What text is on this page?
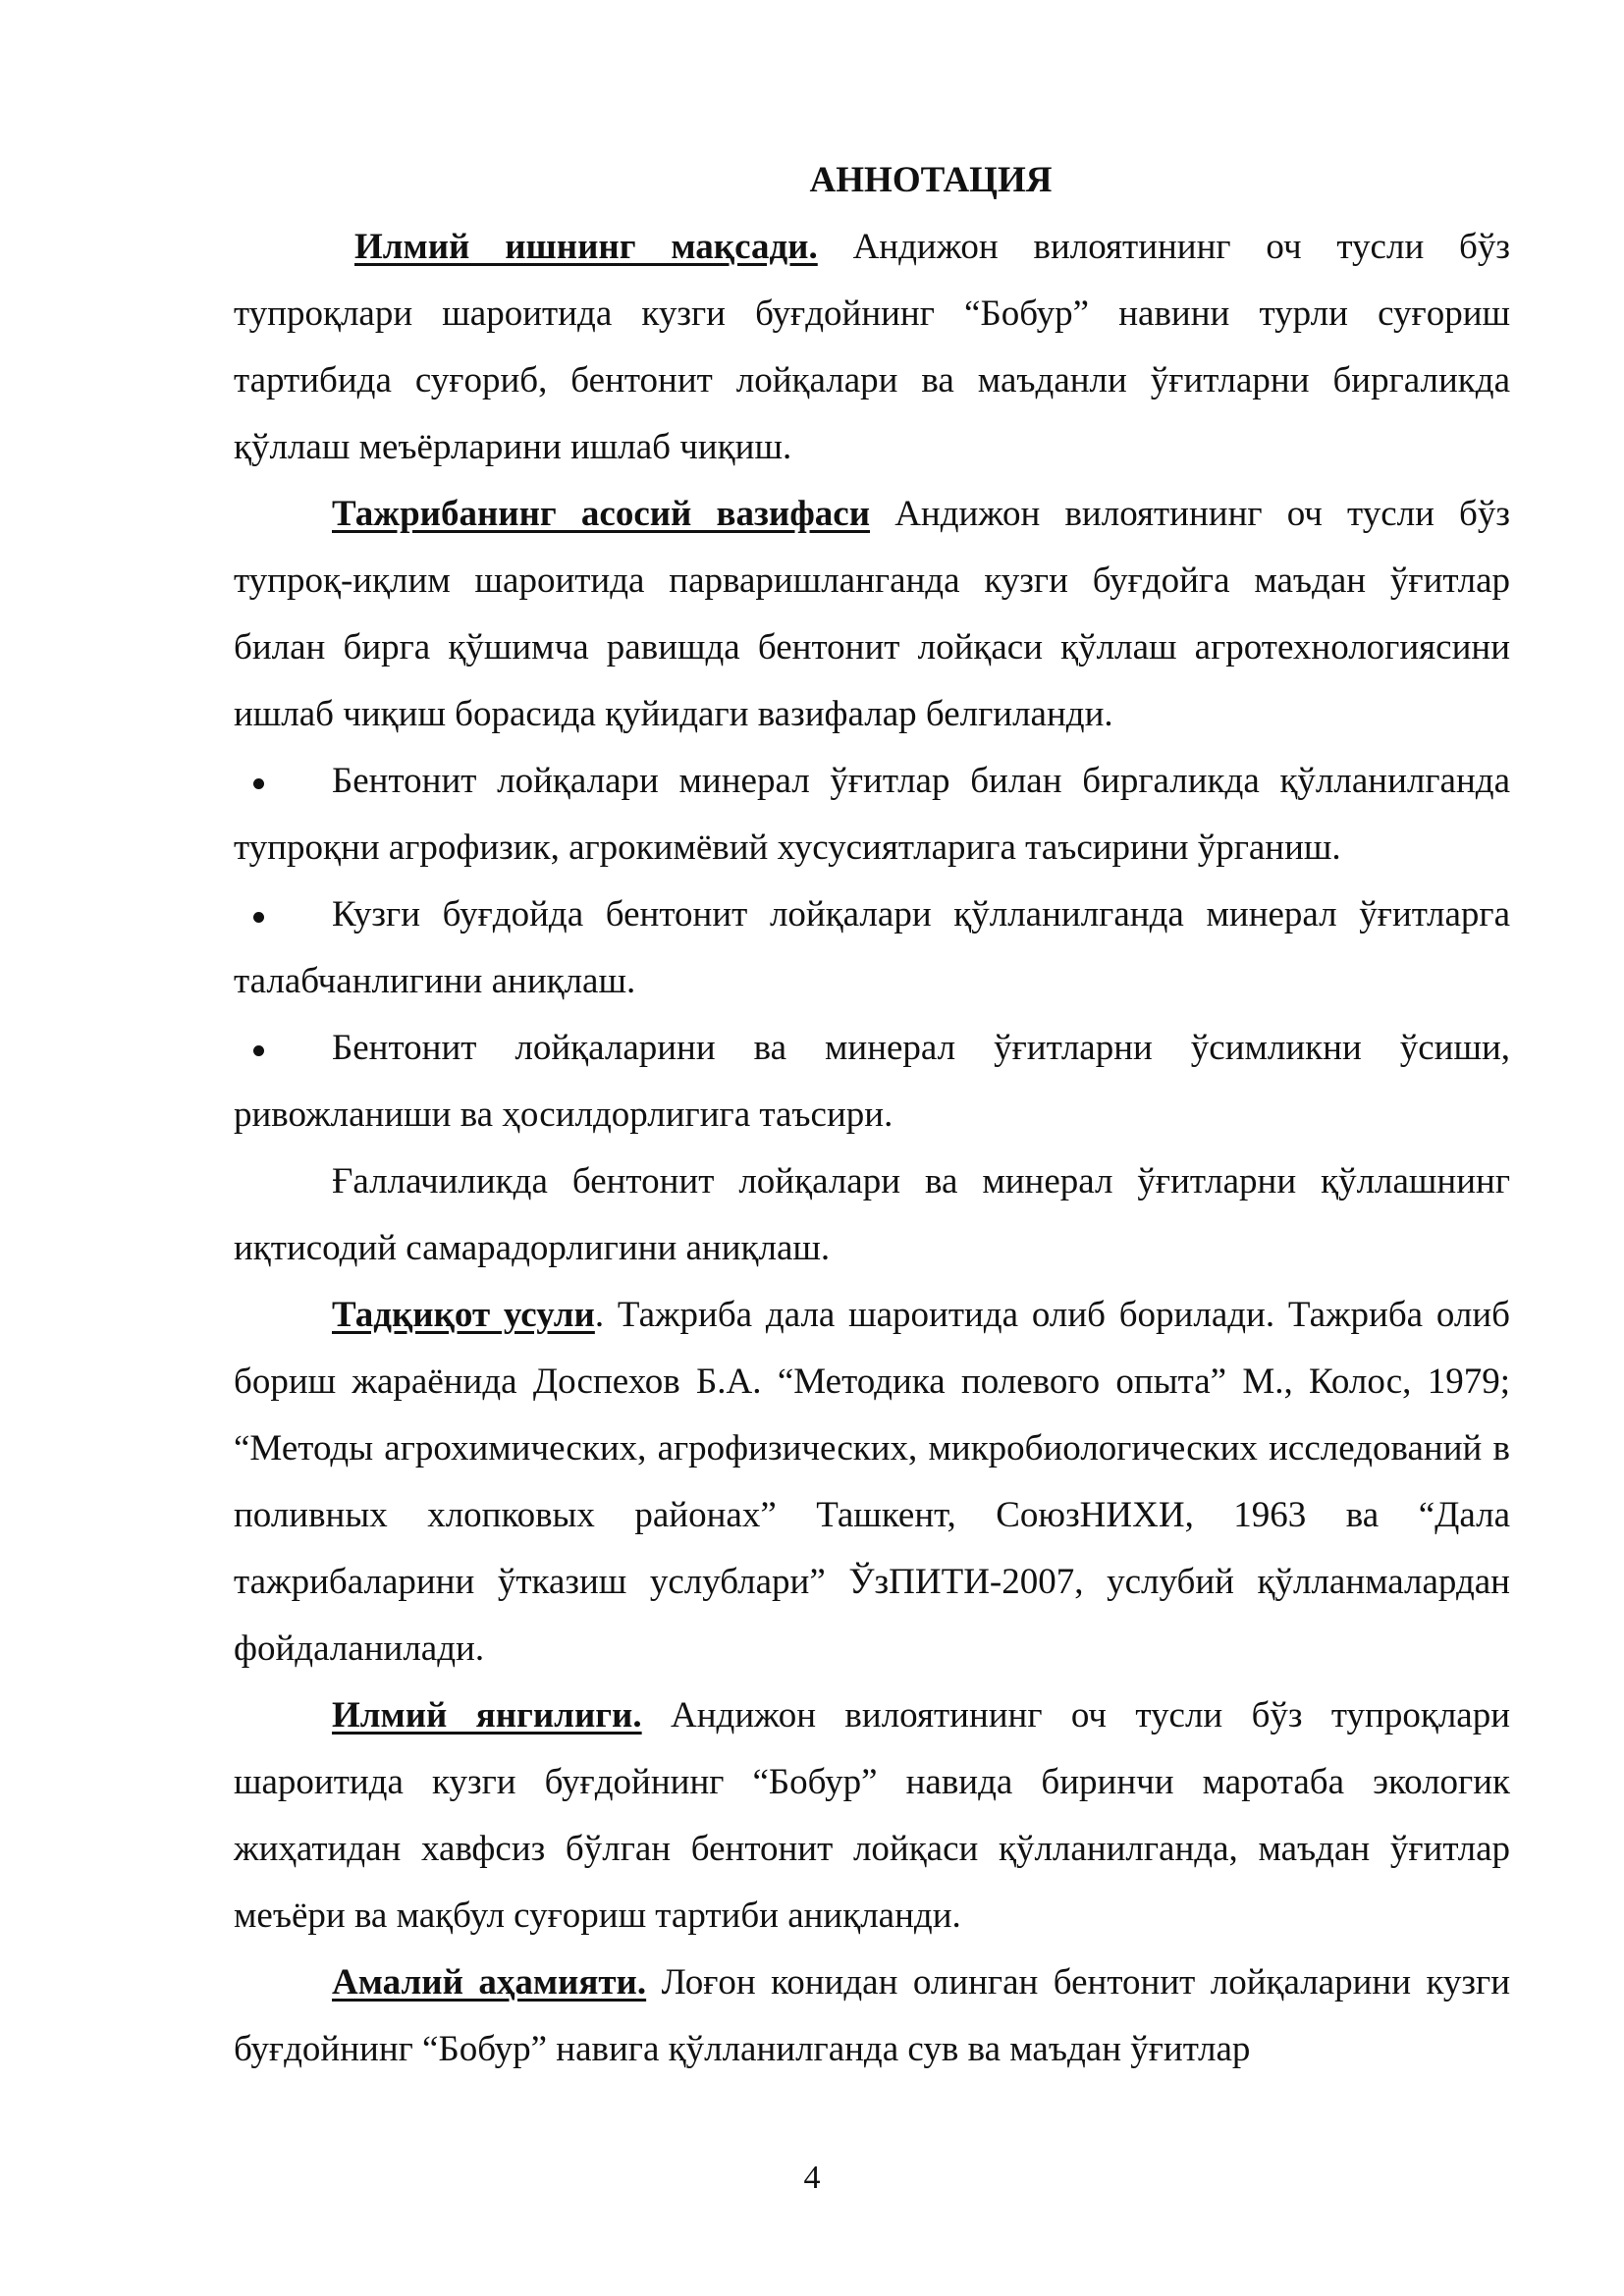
АННОТАЦИЯ

Илмий ишнинг мақсади. Андижон вилоятининг оч тусли бўз тупроқлари шароитида кузги буғдойнинг “Бобур” навини турли суғориш тартибида суғориб, бентонит лойқалари ва маъданли ўғитларни биргаликда қўллаш меъёрларини ишлаб чиқиш.

Тажрибанинг асосий вазифаси Андижон вилоятининг оч тусли бўз тупроқ-иқлим шароитида парваришланганда кузги буғдойга маъдан ўғитлар билан бирга қўшимча равишда бентонит лойқаси қўллаш агротехнологиясини ишлаб чиқиш борасида қуйидаги вазифалар белгиланди.

Бентонит лойқалари минерал ўғитлар билан биргаликда қўлланилганда тупроқни агрофизик, агрокимёвий хусусиятларига таъсирини ўрганиш.

Кузги буғдойда бентонит лойқалари қўлланилганда минерал ўғитларга талабчанлигини аниқлаш.

Бентонит лойқаларини ва минерал ўғитларни ўсимликни ўсиши, ривожланиши ва ҳосилдорлигига таъсири.

Ғаллачиликда бентонит лойқалари ва минерал ўғитларни қўллашнинг иқтисодий самарадорлигини аниқлаш.

Тадқиқот усули. Тажриба дала шароитида олиб борилади. Тажриба олиб бориш жараёнида Доспехов Б.А. “Методика полевого опыта” М., Колос, 1979; “Методы агрохимических, агрофизических, микробиологических исследований в поливных хлопковых районах” Ташкент, СоюзНИХИ, 1963 ва “Дала тажрибаларини ўтказиш услублари” ЎзПИТИ-2007, услубий қўлланмалардан фойдаланилади.

Илмий янгилиги. Андижон вилоятининг оч тусли бўз тупроқлари шароитида кузги буғдойнинг “Бобур” навида биринчи маротаба экологик жиҳатидан хавфсиз бўлган бентонит лойқаси қўлланилганда, маъдан ўғитлар меъёри ва мақбул суғориш тартиби аниқланди.

Амалий аҳамияти. Лоғон конидан олинган бентонит лойқаларини кузги буғдойнинг “Бобур” навига қўлланилганда сув ва маъдан ўғитлар

4
